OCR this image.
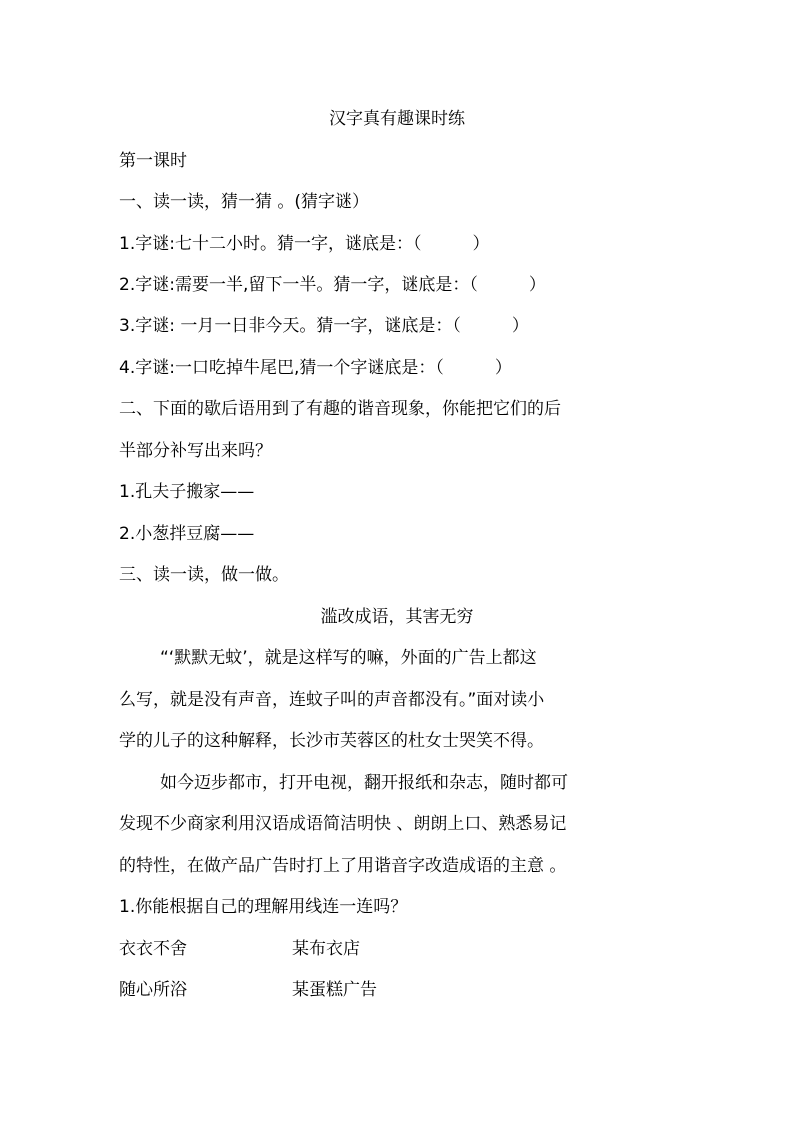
汉字真有趣课时练
第一课时
一、读一读，猜一猜 。(猜字谜）
1.字谜:七十二小时。猜一字，谜底是：（　　　）
2.字谜:需要一半,留下一半。猜一字，谜底是：（　　　）
3.字谜: 一月一日非今天。猜一字，谜底是：（　　　）
4.字谜:一口吃掉牛尾巴,猜一个字谜底是：（　　　）
二、下面的歇后语用到了有趣的谐音现象，你能把它们的后
半部分补写出来吗？
1.孔夫子搬家——
2.小葱拌豆腐——
三、读一读，做一做。
滥改成语，其害无穷
“‘默默无蚊’，就是这样写的嘛，外面的广告上都这
么写，就是没有声音，连蚊子叫的声音都没有。”面对读小
学的儿子的这种解释，长沙市芙蓉区的杜女士哭笑不得。
如今迈步都市，打开电视，翻开报纸和杂志，随时都可
发现不少商家利用汉语成语简洁明快 、朗朗上口、熟悉易记
的特性，在做产品广告时打上了用谐音字改造成语的主意 。
1.你能根据自己的理解用线连一连吗？
衣衣不舍	某布衣店
随心所浴	某蛋糕广告
